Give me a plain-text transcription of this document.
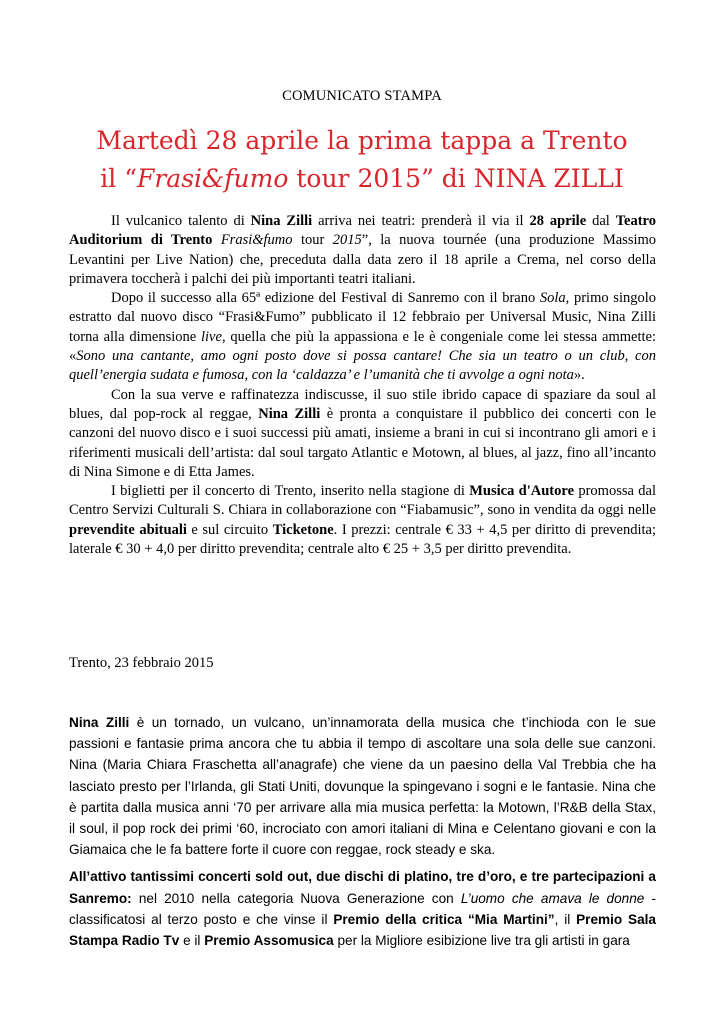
COMUNICATO STAMPA
Martedì 28 aprile la prima tappa a Trento
il “Frasi&fumo tour 2015” di NINA ZILLI

Il vulcanico talento di Nina Zilli arriva nei teatri: prenderà il via il 28 aprile dal Teatro Auditorium di Trento Frasi&fumo tour 2015”, la nuova tournée (una produzione Massimo Levantini per Live Nation) che, preceduta dalla data zero il 18 aprile a Crema, nel corso della primavera toccherà i palchi dei più importanti teatri italiani.

Dopo il successo alla 65ª edizione del Festival di Sanremo con il brano Sola, primo singolo estratto dal nuovo disco “Frasi&Fumo” pubblicato il 12 febbraio per Universal Music, Nina Zilli torna alla dimensione live, quella che più la appassiona e le è congeniale come lei stessa ammette: «Sono una cantante, amo ogni posto dove si possa cantare! Che sia un teatro o un club, con quell’energia sudata e fumosa, con la ‘caldazza’ e l’umanità che ti avvolge a ogni nota».

Con la sua verve e raffinatezza indiscusse, il suo stile ibrido capace di spaziare da soul al blues, dal pop-rock al reggae, Nina Zilli è pronta a conquistare il pubblico dei concerti con le canzoni del nuovo disco e i suoi successi più amati, insieme a brani in cui si incontrano gli amori e i riferimenti musicali dell’artista: dal soul targato Atlantic e Motown, al blues, al jazz, fino all’incanto di Nina Simone e di Etta James.

I biglietti per il concerto di Trento, inserito nella stagione di Musica d'Autore promossa dal Centro Servizi Culturali S. Chiara in collaborazione con “Fiabamusic”, sono in vendita da oggi nelle prevendite abituali e sul circuito Ticketone. I prezzi: centrale € 33 + 4,5 per diritto di prevendita; laterale € 30 + 4,0 per diritto prevendita; centrale alto € 25 + 3,5 per diritto prevendita.

Trento, 23 febbraio 2015

Nina Zilli è un tornado, un vulcano, un’innamorata della musica che t’inchioda con le sue passioni e fantasie prima ancora che tu abbia il tempo di ascoltare una sola delle sue canzoni. Nina (Maria Chiara Fraschetta all’anagrafe) che viene da un paesino della Val Trebbia che ha lasciato presto per l’Irlanda, gli Stati Uniti, dovunque la spingevano i sogni e le fantasie. Nina che è partita dalla musica anni ‘70 per arrivare alla mia musica perfetta: la Motown, l’R&B della Stax, il soul, il pop rock dei primi ‘60, incrociato con amori italiani di Mina e Celentano giovani e con la Giamaica che le fa battere forte il cuore con reggae, rock steady e ska.

All’attivo tantissimi concerti sold out, due dischi di platino, tre d’oro, e tre partecipazioni a Sanremo: nel 2010 nella categoria Nuova Generazione con L’uomo che amava le donne - classificatosi al terzo posto e che vinse il Premio della critica “Mia Martini”, il Premio Sala Stampa Radio Tv e il Premio Assomusica per la Migliore esibizione live tra gli artisti in gara
